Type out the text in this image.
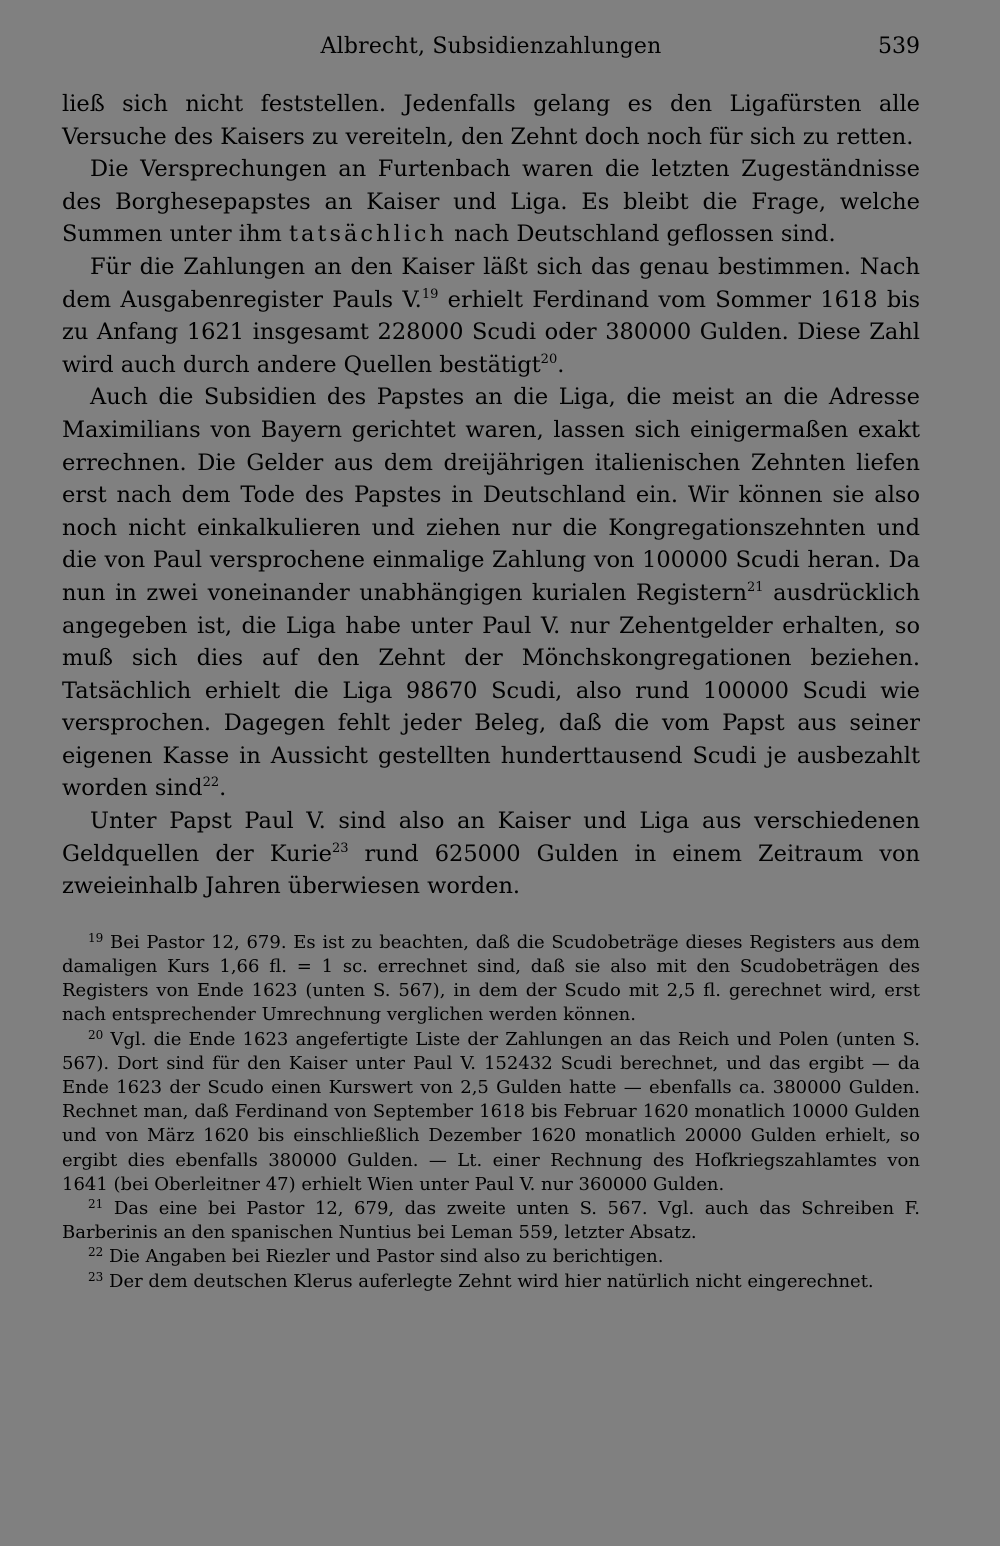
Albrecht, Subsidienzahlungen	539

ließ sich nicht feststellen. Jedenfalls gelang es den Ligafürsten alle Versuche des Kaisers zu vereiteln, den Zehnt doch noch für sich zu retten.

Die Versprechungen an Furtenbach waren die letzten Zugeständnisse des Borghesepapstes an Kaiser und Liga. Es bleibt die Frage, welche Summen unter ihm tatsächlich nach Deutschland geflossen sind.

Für die Zahlungen an den Kaiser läßt sich das genau bestimmen. Nach dem Ausgabenregister Pauls V.$^{19}$ erhielt Ferdinand vom Sommer 1618 bis zu Anfang 1621 insgesamt 228000 Scudi oder 380000 Gulden. Diese Zahl wird auch durch andere Quellen bestätigt$^{20}$.

Auch die Subsidien des Papstes an die Liga, die meist an die Adresse Maximilians von Bayern gerichtet waren, lassen sich einigermaßen exakt errechnen. Die Gelder aus dem dreijährigen italienischen Zehnten liefen erst nach dem Tode des Papstes in Deutschland ein. Wir können sie also noch nicht einkalkulieren und ziehen nur die Kongregationszehnten und die von Paul versprochene einmalige Zahlung von 100000 Scudi heran. Da nun in zwei voneinander unabhängigen kurialen Registern$^{21}$ ausdrücklich angegeben ist, die Liga habe unter Paul V. nur Zehentgelder erhalten, so muß sich dies auf den Zehnt der Mönchskongregationen beziehen. Tatsächlich erhielt die Liga 98670 Scudi, also rund 100000 Scudi wie versprochen. Dagegen fehlt jeder Beleg, daß die vom Papst aus seiner eigenen Kasse in Aussicht gestellten hunderttausend Scudi je ausbezahlt worden sind$^{22}$.

Unter Papst Paul V. sind also an Kaiser und Liga aus verschiedenen Geldquellen der Kurie$^{23}$ rund 625000 Gulden in einem Zeitraum von zweieinhalb Jahren überwiesen worden.

$^{19}$ Bei Pastor 12, 679. Es ist zu beachten, daß die Scudobeträge dieses Registers aus dem damaligen Kurs 1,66 fl. = 1 sc. errechnet sind, daß sie also mit den Scudobeträgen des Registers von Ende 1623 (unten S. 567), in dem der Scudo mit 2,5 fl. gerechnet wird, erst nach entsprechender Umrechnung verglichen werden können.

$^{20}$ Vgl. die Ende 1623 angefertigte Liste der Zahlungen an das Reich und Polen (unten S. 567). Dort sind für den Kaiser unter Paul V. 152432 Scudi berechnet, und das ergibt — da Ende 1623 der Scudo einen Kurswert von 2,5 Gulden hatte — ebenfalls ca. 380000 Gulden. Rechnet man, daß Ferdinand von September 1618 bis Februar 1620 monatlich 10000 Gulden und von März 1620 bis einschließlich Dezember 1620 monatlich 20000 Gulden erhielt, so ergibt dies ebenfalls 380000 Gulden. — Lt. einer Rechnung des Hofkriegszahlamtes von 1641 (bei Oberleitner 47) erhielt Wien unter Paul V. nur 360000 Gulden.

$^{21}$ Das eine bei Pastor 12, 679, das zweite unten S. 567. Vgl. auch das Schreiben F. Barberinis an den spanischen Nuntius bei Leman 559, letzter Absatz.

$^{22}$ Die Angaben bei Riezler und Pastor sind also zu berichtigen.

$^{23}$ Der dem deutschen Klerus auferlegte Zehnt wird hier natürlich nicht eingerechnet.
